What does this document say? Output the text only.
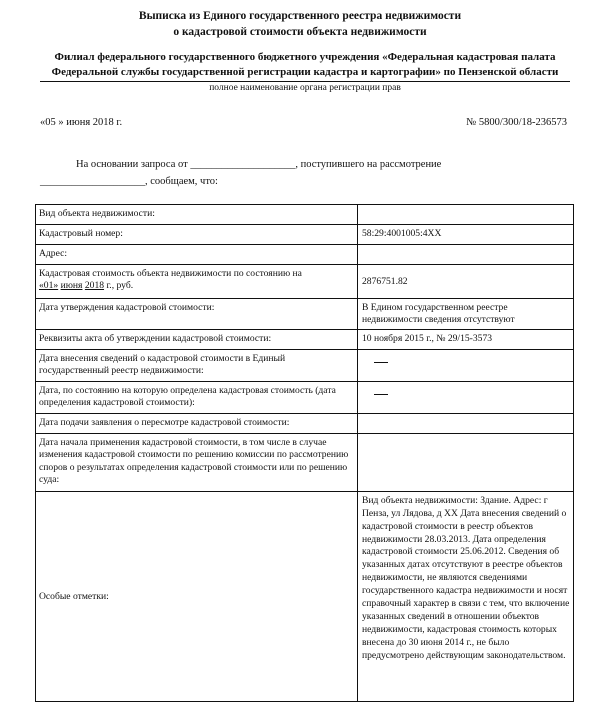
Выписка из Единого государственного реестра недвижимости
о кадастровой стоимости объекта недвижимости
Филиал федерального государственного бюджетного учреждения «Федеральная кадастровая палата
Федеральной службы государственной регистрации кадастра и картографии» по Пензенской области
полное наименование органа регистрации прав
«05 » июня 2018 г.	№ 5800/300/18-236573
На основании запроса от ____________________, поступившего на рассмотрение
____________________, сообщаем, что:
Вид объекта недвижимости:	
Кадастровый номер:	58:29:4001005:4XX
Адрес:	
Кадастровая стоимость объекта недвижимости по состоянию на
«01» июня 2018 г., руб.	2876751.82
Дата утверждения кадастровой стоимости:	В Едином государственном реестре недвижимости сведения отсутствуют
Реквизиты акта об утверждении кадастровой стоимости:	10 ноября 2015 г., № 29/15-3573
Дата внесения сведений о кадастровой стоимости в Единый государственный реестр недвижимости:	
Дата, по состоянию на которую определена кадастровая стоимость (дата определения кадастровой стоимости):	
Дата подачи заявления о пересмотре кадастровой стоимости:	
Дата начала применения кадастровой стоимости, в том числе в случае изменения кадастровой стоимости по решению комиссии по рассмотрению споров о результатах определения кадастровой стоимости или по решению суда:	
Особые отметки:	Вид объекта недвижимости: Здание. Адрес: г Пенза, ул Лядова, д XX Дата внесения сведений о кадастровой стоимости в реестр объектов недвижимости 28.03.2013. Дата определения кадастровой стоимости 25.06.2012. Сведения об указанных датах отсутствуют в реестре объектов недвижимости, не являются сведениями государственного кадастра недвижимости и носят справочный характер в связи с тем, что включение указанных сведений в отношении объектов недвижимости, кадастровая стоимость которых внесена до 30 июня 2014 г., не было предусмотрено действующим законодательством.
